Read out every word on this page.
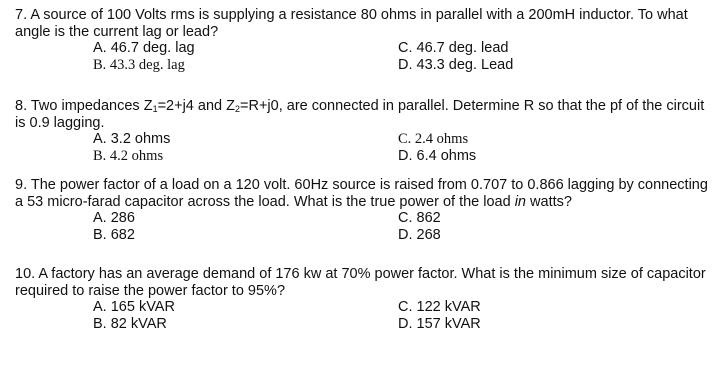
7. A source of 100 Volts rms is supplying a resistance 80 ohms in parallel with a 200mH inductor. To what angle is the current lag or lead?

A. 46.7 deg. lag
B. 43.3 deg. lag
C. 46.7 deg. lead
D. 43.3 deg. Lead

8. Two impedances $Z_1=2+j4$ and $Z_2=R+j0$, are connected in parallel. Determine R so that the pf of the circuit is 0.9 lagging.

A. 3.2 ohms
B. 4.2 ohms
C. 2.4 ohms
D. 6.4 ohms

9. The power factor of a load on a 120 volt. 60Hz source is raised from 0.707 to 0.866 lagging by connecting a 53 micro-farad capacitor across the load. What is the true power of the load in watts?

A. 286
B. 682
C. 862
D. 268

10. A factory has an average demand of 176 kw at 70% power factor. What is the minimum size of capacitor required to raise the power factor to 95%?

A. 165 kVAR
B. 82 kVAR
C. 122 kVAR
D. 157 kVAR
